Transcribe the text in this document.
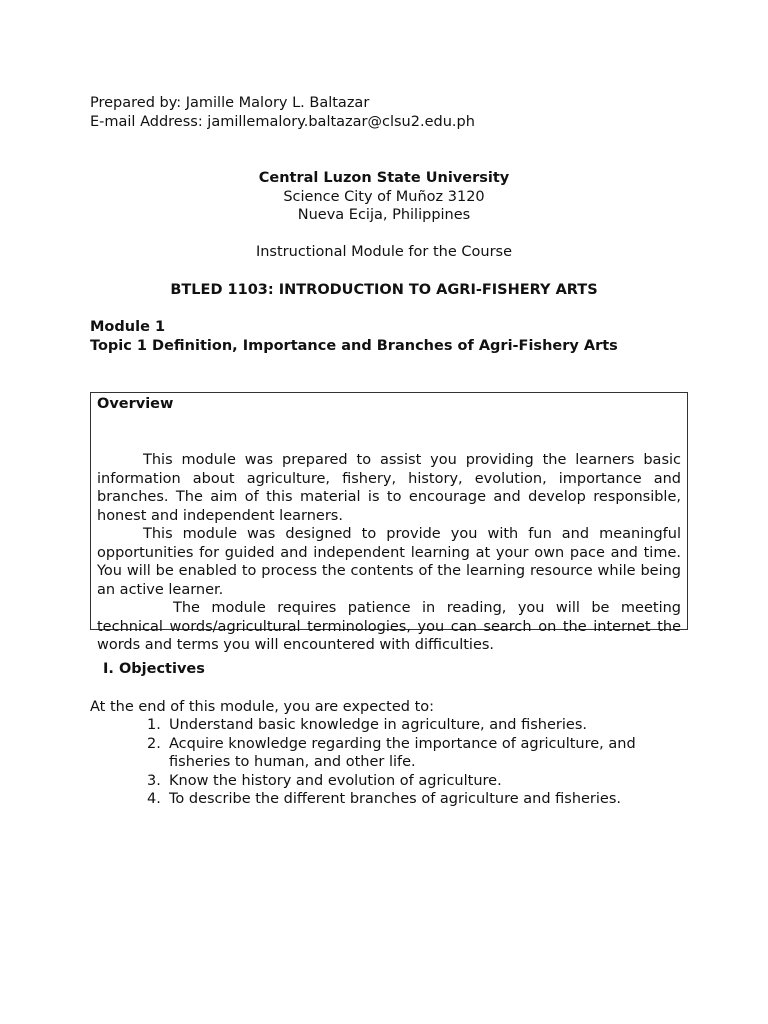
Prepared by: Jamille Malory L. Baltazar
E-mail Address: jamillemalory.baltazar@clsu2.edu.ph
Central Luzon State University
Science City of Muñoz 3120
Nueva Ecija, Philippines
Instructional Module for the Course
BTLED 1103: INTRODUCTION TO AGRI-FISHERY ARTS
Module 1
Topic 1 Definition, Importance and Branches of Agri-Fishery Arts
Overview

This module was prepared to assist you providing the learners basic information about agriculture, fishery, history, evolution, importance and branches. The aim of this material is to encourage and develop responsible, honest and independent learners.

This module was designed to provide you with fun and meaningful opportunities for guided and independent learning at your own pace and time. You will be enabled to process the contents of the learning resource while being an active learner.

The module requires patience in reading, you will be meeting technical words/agricultural terminologies, you can search on the internet the words and terms you will encountered with difficulties.

I. Objectives
At the end of this module, you are expected to:
1. Understand basic knowledge in agriculture, and fisheries.
2. Acquire knowledge regarding the importance of agriculture, and fisheries to human, and other life.
3. Know the history and evolution of agriculture.
4. To describe the different branches of agriculture and fisheries.
